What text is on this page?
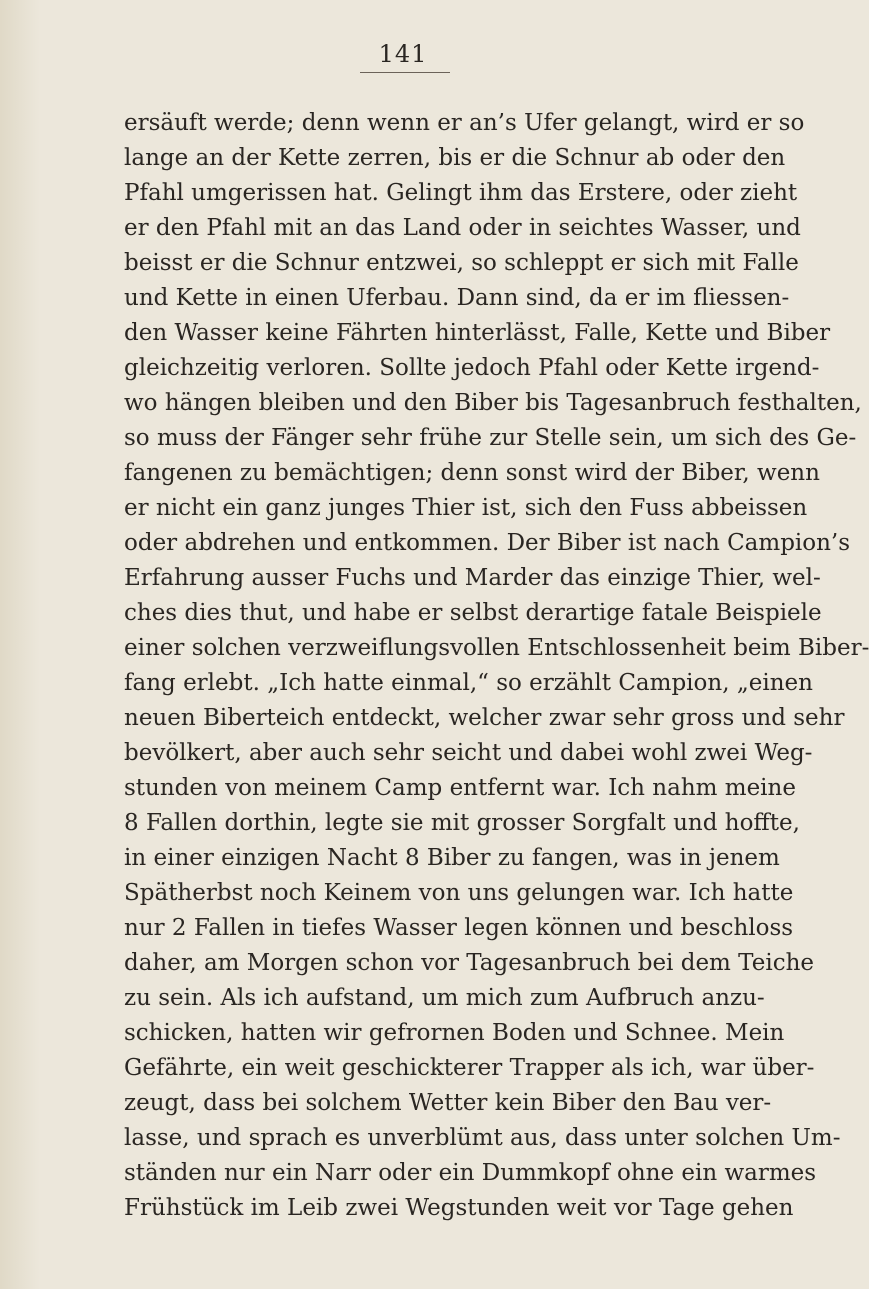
141
ersäuft werde; denn wenn er an’s Ufer gelangt, wird er so
lange an der Kette zerren, bis er die Schnur ab oder den
Pfahl umgerissen hat. Gelingt ihm das Erstere, oder zieht
er den Pfahl mit an das Land oder in seichtes Wasser, und
beisst er die Schnur entzwei, so schleppt er sich mit Falle
und Kette in einen Uferbau. Dann sind, da er im fliessen-
den Wasser keine Fährten hinterlässt, Falle, Kette und Biber
gleichzeitig verloren. Sollte jedoch Pfahl oder Kette irgend-
wo hängen bleiben und den Biber bis Tagesanbruch festhalten,
so muss der Fänger sehr frühe zur Stelle sein, um sich des Ge-
fangenen zu bemächtigen; denn sonst wird der Biber, wenn
er nicht ein ganz junges Thier ist, sich den Fuss abbeissen
oder abdrehen und entkommen. Der Biber ist nach Campion’s
Erfahrung ausser Fuchs und Marder das einzige Thier, wel-
ches dies thut, und habe er selbst derartige fatale Beispiele
einer solchen verzweiflungsvollen Entschlossenheit beim Biber-
fang erlebt. „Ich hatte einmal,“ so erzählt Campion, „einen
neuen Biberteich entdeckt, welcher zwar sehr gross und sehr
bevölkert, aber auch sehr seicht und dabei wohl zwei Weg-
stunden von meinem Camp entfernt war. Ich nahm meine
8 Fallen dorthin, legte sie mit grosser Sorgfalt und hoffte,
in einer einzigen Nacht 8 Biber zu fangen, was in jenem
Spätherbst noch Keinem von uns gelungen war. Ich hatte
nur 2 Fallen in tiefes Wasser legen können und beschloss
daher, am Morgen schon vor Tagesanbruch bei dem Teiche
zu sein. Als ich aufstand, um mich zum Aufbruch anzu-
schicken, hatten wir gefrornen Boden und Schnee. Mein
Gefährte, ein weit geschickterer Trapper als ich, war über-
zeugt, dass bei solchem Wetter kein Biber den Bau ver-
lasse, und sprach es unverblümt aus, dass unter solchen Um-
ständen nur ein Narr oder ein Dummkopf ohne ein warmes
Frühstück im Leib zwei Wegstunden weit vor Tage gehen
